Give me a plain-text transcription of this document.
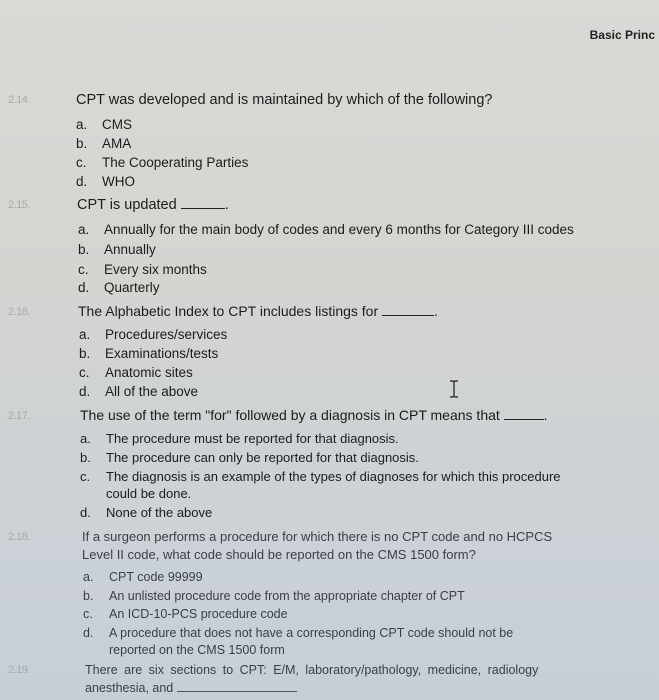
Basic Princ
2.14.	CPT was developed and is maintained by which of the following?
a. CMS
b. AMA
c. The Cooperating Parties
d. WHO
2.15.	CPT is updated	.
a. Annually for the main body of codes and every 6 months for Category III codes
b. Annually
c. Every six months
d. Quarterly
2.16.	The Alphabetic Index to CPT includes listings for	.
a. Procedures/services
b. Examinations/tests
c. Anatomic sites
d. All of the above
2.17.	The use of the term "for" followed by a diagnosis in CPT means that	.
a. The procedure must be reported for that diagnosis.
b. The procedure can only be reported for that diagnosis.
c. The diagnosis is an example of the types of diagnoses for which this procedure
could be done.
d. None of the above
2.18.	If a surgeon performs a procedure for which there is no CPT code and no HCPCS
Level II code, what code should be reported on the CMS 1500 form?
a. CPT code 99999
b. An unlisted procedure code from the appropriate chapter of CPT
c. An ICD-10-PCS procedure code
d. A procedure that does not have a corresponding CPT code should not be
reported on the CMS 1500 form
2.19.	There are six sections to CPT: E/M, laboratory/pathology, medicine, radiology
anesthesia, and
